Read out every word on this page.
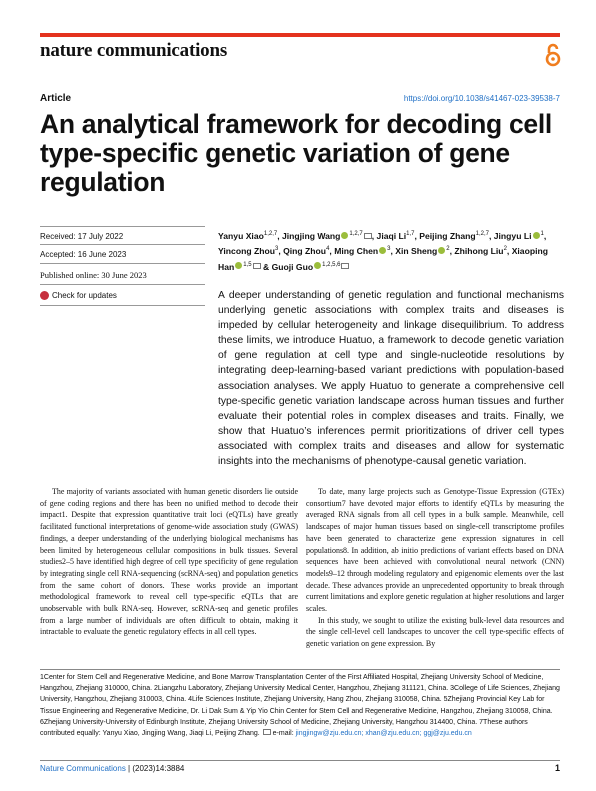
nature communications
Article	https://doi.org/10.1038/s41467-023-39538-7
An analytical framework for decoding cell type-specific genetic variation of gene regulation
Received: 17 July 2022
Accepted: 16 June 2023
Published online: 30 June 2023
Check for updates
Yanyu Xiao$^{1,2,7}$, Jingjing Wang $^{1,2,7}$ , Jiaqi Li$^{1,7}$, Peijing Zhang$^{1,2,7}$, Jingyu Li $^1$, Yincong Zhou$^3$, Qing Zhou$^4$, Ming Chen $^3$, Xin Sheng $^2$, Zhihong Liu$^2$, Xiaoping Han $^{1,5}$ & Guoji Guo $^{1,2,5,6}$
A deeper understanding of genetic regulation and functional mechanisms underlying genetic associations with complex traits and diseases is impeded by cellular heterogeneity and linkage disequilibrium. To address these limits, we introduce Huatuo, a framework to decode genetic variation of gene regulation at cell type and single-nucleotide resolutions by integrating deep-learning-based variant predictions with population-based association analyses. We apply Huatuo to generate a comprehensive cell type-specific genetic variation landscape across human tissues and further evaluate their potential roles in complex diseases and traits. Finally, we show that Huatuo’s inferences permit prioritizations of driver cell types associated with complex traits and diseases and allow for systematic insights into the mechanisms of phenotype-causal genetic variation.

The majority of variants associated with human genetic disorders lie outside of gene coding regions and there has been no unified method to decode their impact1. Despite that expression quantitative trait loci (eQTLs) have greatly facilitated functional interpretations of genome-wide association study (GWAS) findings, a deeper understanding of the underlying biological mechanisms has been limited by heterogeneous cellular compositions in bulk tissues. Several studies2–5 have identified high degree of cell type specificity of gene regulation by integrating single cell RNA-sequencing (scRNA-seq) and population genetics from the same cohort of donors. These works provide an important methodological framework to reveal cell type-specific eQTLs that are unobservable with bulk RNA-seq. However, scRNA-seq and genetic profiles from a large number of individuals are often difficult to obtain, making it intractable to evaluate the genetic regulatory effects in all cell types.

To date, many large projects such as Genotype-Tissue Expression (GTEx) consortium7 have devoted major efforts to identify eQTLs by measuring the averaged RNA signals from all cell types in a bulk sample. Meanwhile, cell landscapes of major human tissues based on single-cell transcriptome profiles have been generated to characterize gene expression signatures in cell populations8. In addition, ab initio predictions of variant effects based on DNA sequences have been achieved with convolutional neural network (CNN) models9–12 through modeling regulatory and epigenomic elements over the last decade. These advances provide an unprecedented opportunity to break through current limitations and explore genetic regulation at higher resolutions and larger scales.

In this study, we sought to utilize the existing bulk-level data resources and the single cell-level cell landscapes to uncover the cell type-specific effects of genetic variation on gene expression. By

1Center for Stem Cell and Regenerative Medicine, and Bone Marrow Transplantation Center of the First Affiliated Hospital, Zhejiang University School of Medicine, Hangzhou, Zhejiang 310000, China. 2Liangzhu Laboratory, Zhejiang University Medical Center, Hangzhou, Zhejiang 311121, China. 3College of Life Sciences, Zhejiang University, Hangzhou, Zhejiang 310003, China. 4Life Sciences Institute, Zhejiang University, Hang Zhou, Zhejiang 310058, China. 5Zhejiang Provincial Key Lab for Tissue Engineering and Regenerative Medicine, Dr. Li Dak Sum & Yip Yio Chin Center for Stem Cell and Regenerative Medicine, Hangzhou, Zhejiang 310058, China. 6Zhejiang University-University of Edinburgh Institute, Zhejiang University School of Medicine, Zhejiang University, Hangzhou 314400, China. 7These authors contributed equally: Yanyu Xiao, Jingjing Wang, Jiaqi Li, Peijing Zhang. e-mail: jingjingw@zju.edu.cn; xhan@zju.edu.cn; ggj@zju.edu.cn
Nature Communications | (2023)14:3884	1
